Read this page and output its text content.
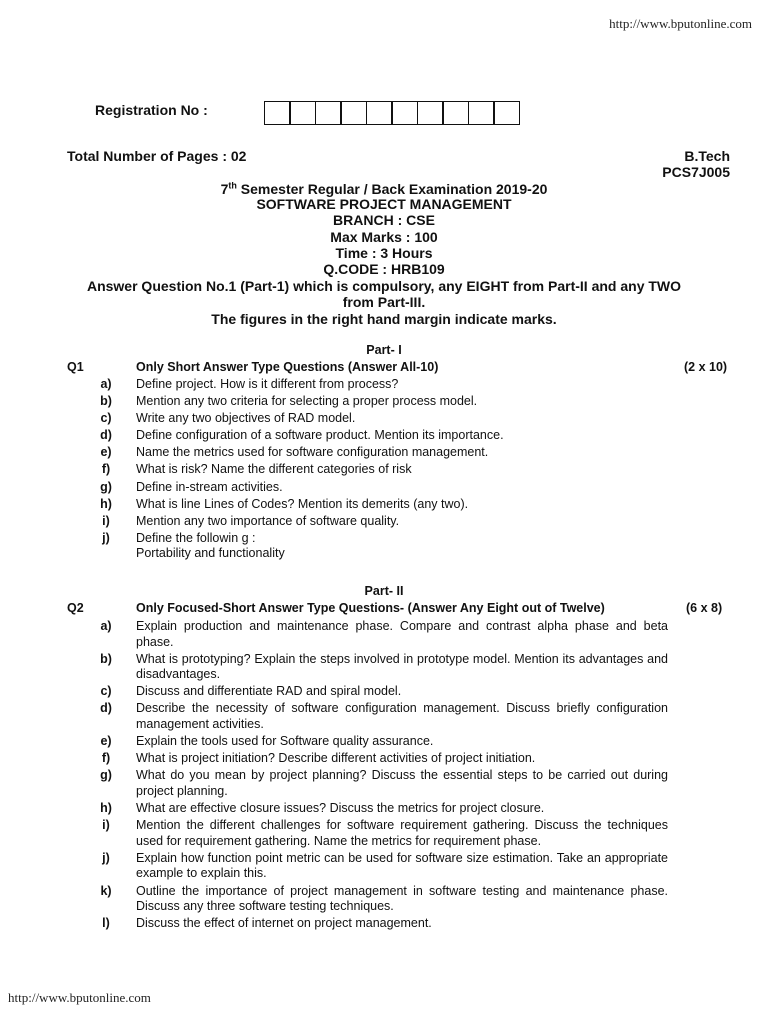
http://www.bputonline.com
Registration No :
Total Number of Pages : 02	B.Tech
PCS7J005
7th Semester Regular / Back Examination 2019-20
SOFTWARE PROJECT MANAGEMENT
BRANCH : CSE
Max Marks : 100
Time : 3 Hours
Q.CODE : HRB109
Answer Question No.1 (Part-1) which is compulsory, any EIGHT from Part-II and any TWO
from Part-III.
The figures in the right hand margin indicate marks.
Part- I
Q1	Only Short Answer Type Questions (Answer All-10)	(2 x 10)
a)	Define project. How is it different from process?
b)	Mention any two criteria for selecting a proper process model.
c)	Write any two objectives of RAD model.
d)	Define configuration of a software product. Mention its importance.
e)	Name the metrics used for software configuration management.
f)	What is risk? Name the different categories of risk
g)	Define in-stream activities.
h)	What is line Lines of Codes? Mention its demerits (any two).
i)	Mention any two importance of software quality.
j)	Define the followin g :
Portability and functionality
Part- II
Q2	Only Focused-Short Answer Type Questions- (Answer Any Eight out of Twelve)	(6 x 8)
a)	Explain production and maintenance phase. Compare and contrast alpha phase and beta phase.
b)	What is prototyping? Explain the steps involved in prototype model. Mention its advantages and disadvantages.
c)	Discuss and differentiate RAD and spiral model.
d)	Describe the necessity of software configuration management. Discuss briefly configuration management activities.
e)	Explain the tools used for Software quality assurance.
f)	What is project initiation? Describe different activities of project initiation.
g)	What do you mean by project planning? Discuss the essential steps to be carried out during project planning.
h)	What are effective closure issues? Discuss the metrics for project closure.
i)	Mention the different challenges for software requirement gathering. Discuss the techniques used for requirement gathering. Name the metrics for requirement phase.
j)	Explain how function point metric can be used for software size estimation. Take an appropriate example to explain this.
k)	Outline the importance of project management in software testing and maintenance phase. Discuss any three software testing techniques.
l)	Discuss the effect of internet on project management.
http://www.bputonline.com
